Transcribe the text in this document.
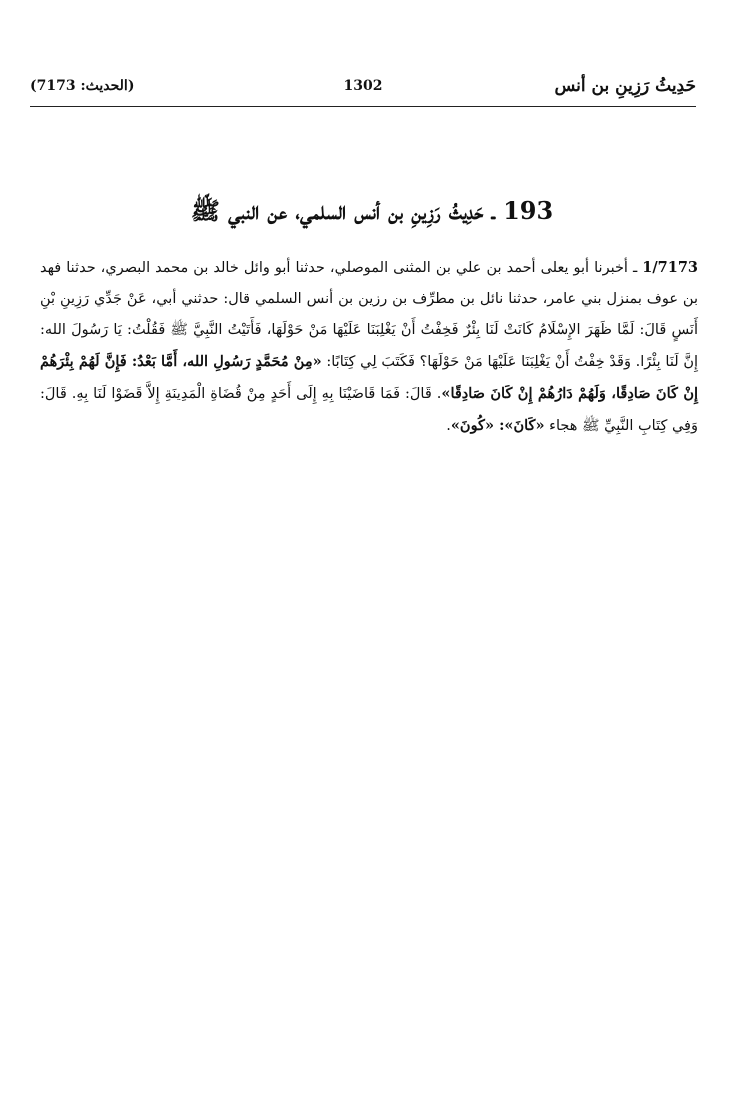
حَدِيثُ رَزِينِ بن أنس
1302
(الحديث: 7173)
193 ـ حَدِيثُ رَزِينِ بن أنس السلمي، عن النبي ﷺ

1/7173 ـ أخبرنا أبو يعلى أحمد بن علي بن المثنى الموصلي، حدثنا أبو وائل خالد بن محمد البصري، حدثنا فهد بن عوف بمنزل بني عامر، حدثنا نائل بن مطرِّف بن رزين بن أنس السلمي قال: حدثني أبي، عَنْ جَدِّي رَزِينِ بْنِ أَنَسٍ قَالَ: لَمَّا ظَهَرَ الإِسْلَامُ كَانَتْ لَنَا بِئْرٌ فَخِفْتُ أَنْ يَغْلِبَنَا عَلَيْهَا مَنْ حَوْلَهَا، فَأَتَيْتُ النَّبِيَّ ﷺ فَقُلْتُ: يَا رَسُولَ الله: إِنَّ لَنَا بِئْرًا. وَقَدْ خِفْتُ أَنْ يَغْلِبَنَا عَلَيْهَا مَنْ حَوْلَهَا؟ فَكَتَبَ لِي كِتَابًا: «مِنْ مُحَمَّدٍ رَسُولِ الله، أَمَّا بَعْدُ: فَإِنَّ لَهُمْ بِئْرَهُمْ إِنْ كَانَ صَادِقًا، وَلَهُمْ دَارُهُمْ إِنْ كَانَ صَادِقًا». قَالَ: فَمَا قَاضَيْنَا بِهِ إِلَى أَحَدٍ مِنْ قُضَاةِ الْمَدِينَةِ إِلاَّ قَضَوْا لَنَا بِهِ. قَالَ: وَفِي كِتَابِ النَّبِيِّ ﷺ هجاء «كَانَ»: «كُونَ».
